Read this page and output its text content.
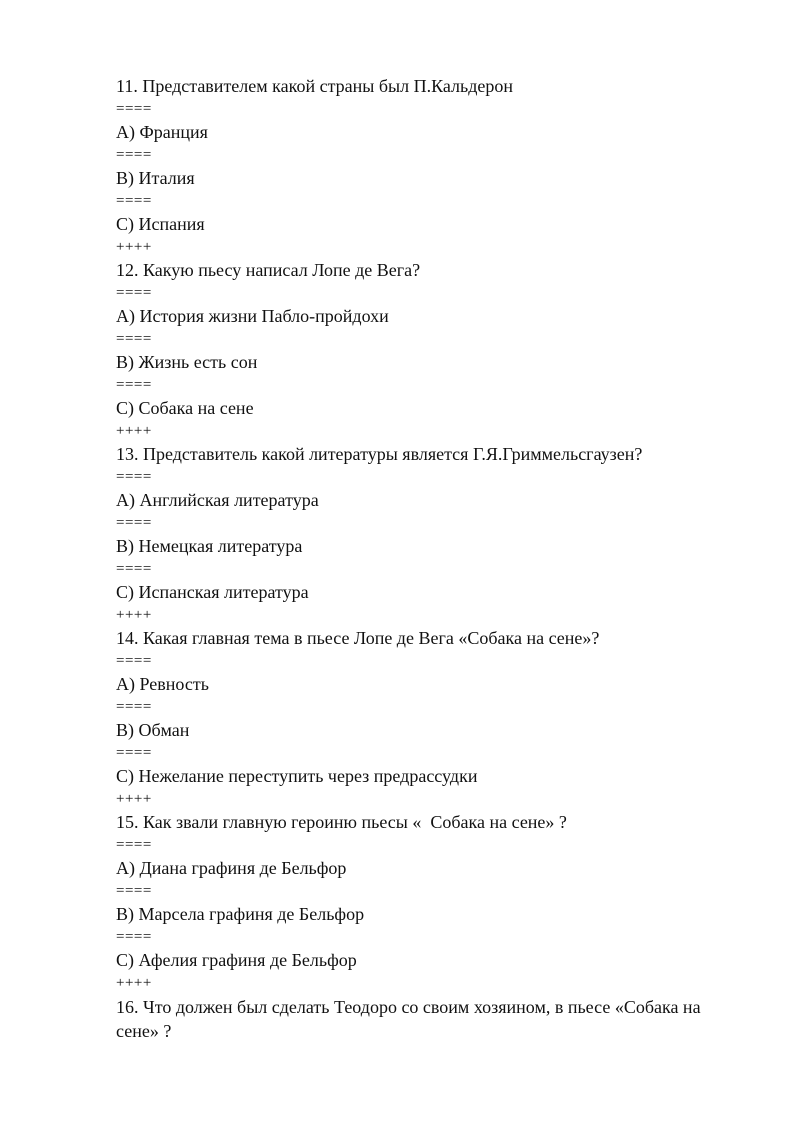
11. Представителем какой страны был П.Кальдерон
====
A) Франция
====
B) Италия
====
C) Испания
++++
12. Какую пьесу написал Лопе де Вега?
====
A) История жизни Пабло-пройдохи
====
B) Жизнь есть сон
====
C) Собака на сене
++++
13. Представитель какой литературы является Г.Я.Гриммельсгаузен?
====
A) Английская литература
====
B) Немецкая литература
====
C) Испанская литература
++++
14. Какая главная тема в пьесе Лопе де Вега «Собака на сене»?
====
A) Ревность
====
B) Обман
====
C) Нежелание переступить через предрассудки
++++
15. Как звали главную героиню пьесы «  Собака на сене» ?
====
A) Диана графиня де Бельфор
====
B) Марсела графиня де Бельфор
====
C) Афелия графиня де Бельфор
++++
16. Что должен был сделать Теодоро со своим хозяином, в пьесе «Собака на сене» ?
